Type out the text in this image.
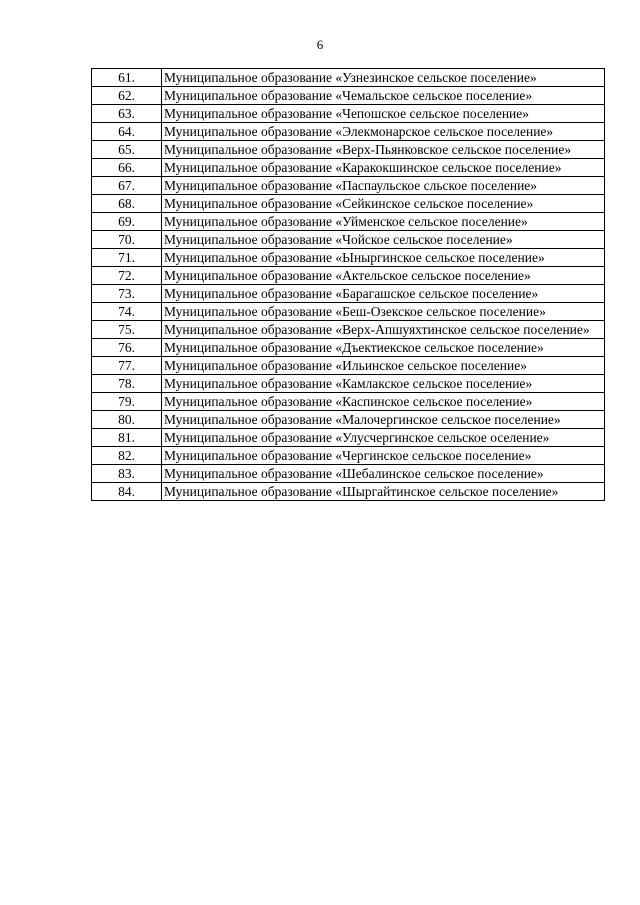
6
61.	Муниципальное образование «Узнезинское сельское поселение»
62.	Муниципальное образование «Чемальское сельское поселение»
63.	Муниципальное образование «Чепошское сельское поселение»
64.	Муниципальное образование «Элекмонарское сельское поселение»
65.	Муниципальное образование «Верх-Пьянковское сельское поселение»
66.	Муниципальное образование «Каракокшинское сельское поселение»
67.	Муниципальное образование «Паспаульское сльское поселение»
68.	Муниципальное образование «Сейкинское сельское поселение»
69.	Муниципальное образование «Уйменское сельское поселение»
70.	Муниципальное образование «Чойское сельское поселение»
71.	Муниципальное образование «Ыныргинское сельское поселение»
72.	Муниципальное образование «Актельское сельское поселение»
73.	Муниципальное образование «Барагашское сельское поселение»
74.	Муниципальное образование «Беш-Озекское сельское поселение»
75.	Муниципальное образование «Верх-Апшуяхтинское сельское поселение»
76.	Муниципальное образование «Дъектиекское сельское поселение»
77.	Муниципальное образование «Ильинское сельское поселение»
78.	Муниципальное образование «Камлакское сельское поселение»
79.	Муниципальное образование «Каспинское сельское поселение»
80.	Муниципальное образование «Малочергинское сельское поселение»
81.	Муниципальное образование «Улусчергинское сельское оселение»
82.	Муниципальное образование «Чергинское сельское поселение»
83.	Муниципальное образование «Шебалинское сельское поселение»
84.	Муниципальное образование «Шыргайтинское сельское поселение»
